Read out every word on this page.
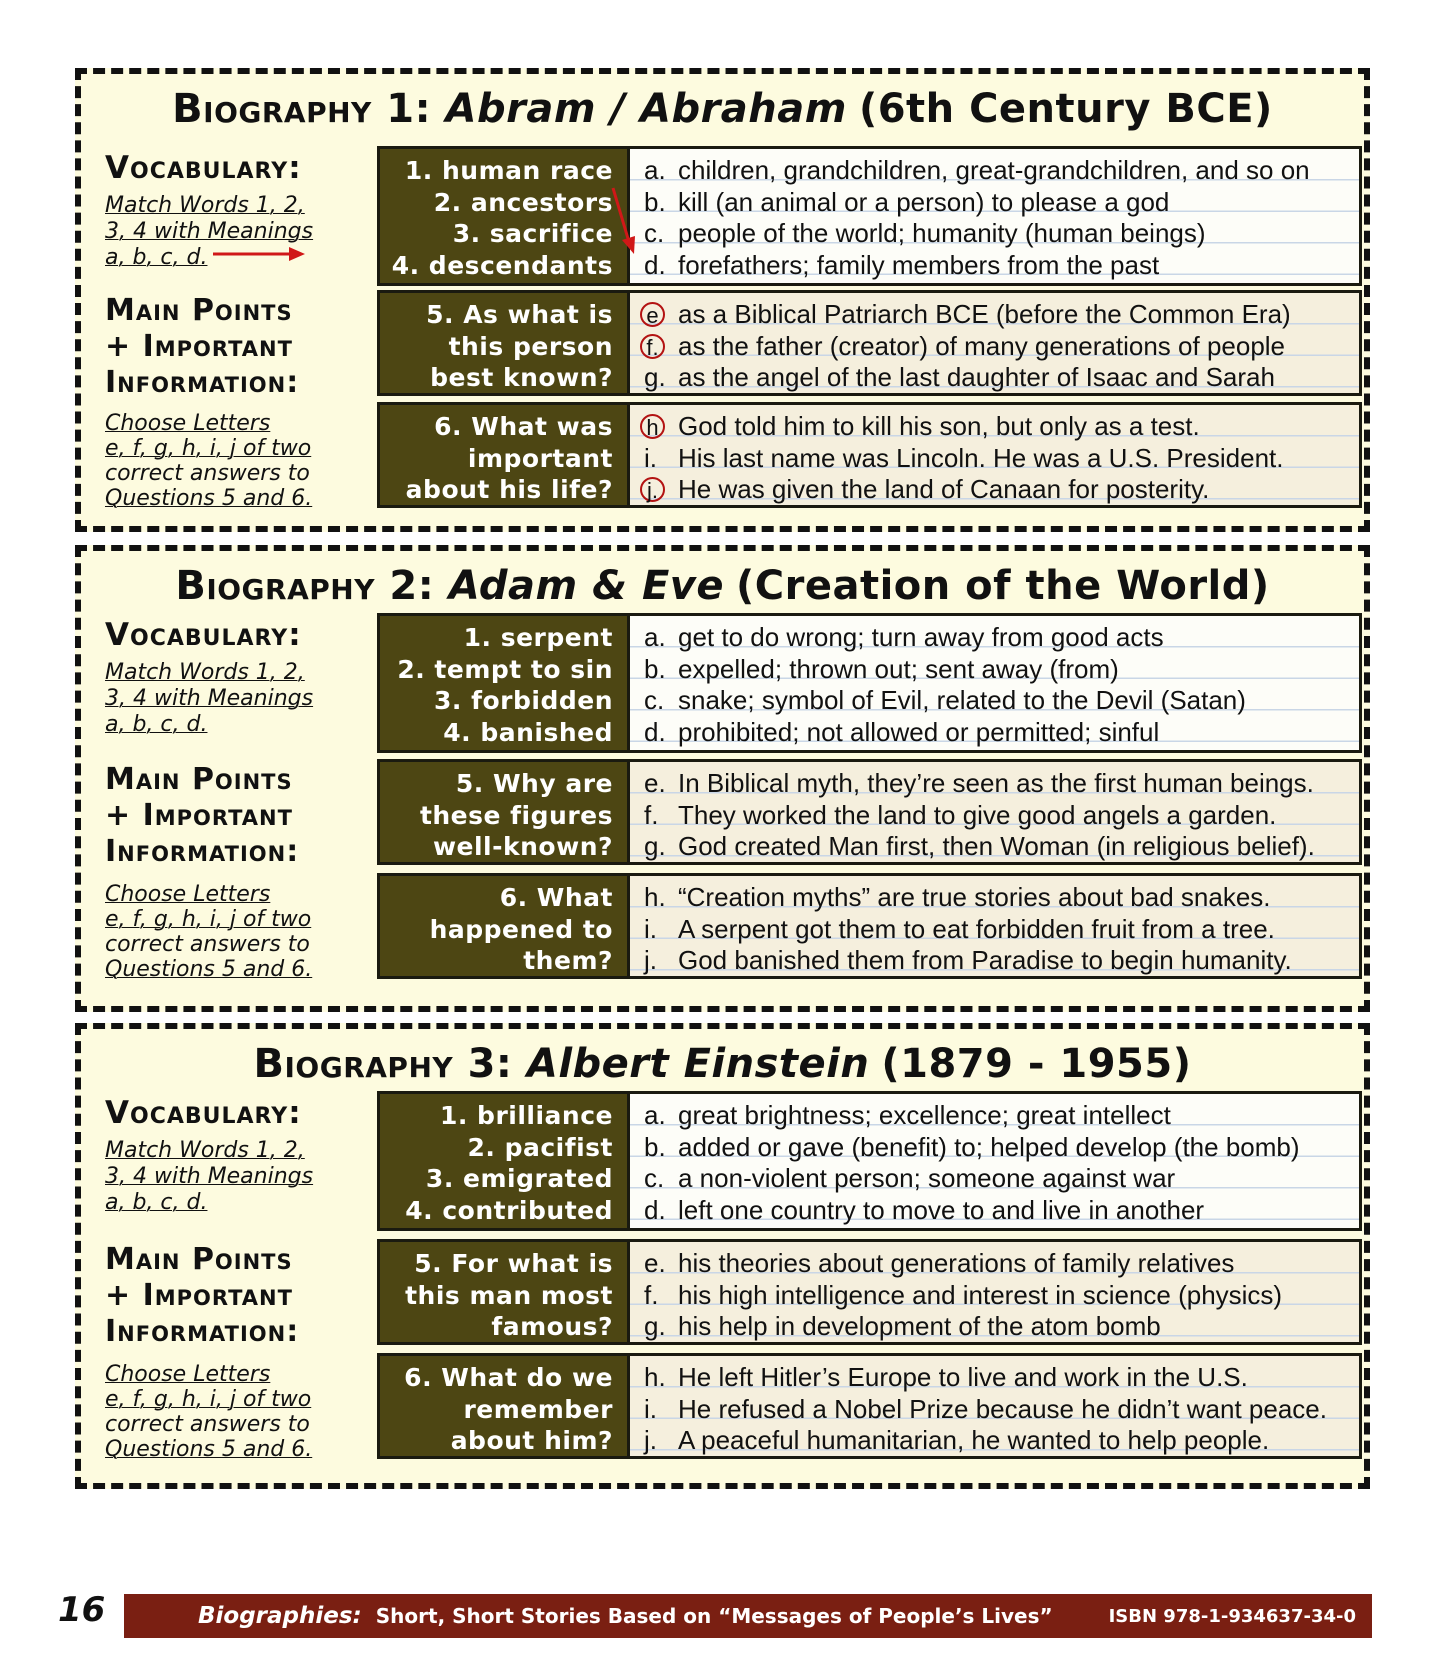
Biography 1: Abram / Abraham (6th Century BCE)
Vocabulary:
Match Words 1, 2,
3, 4 with Meanings
a, b, c, d.
Main Points
+ Important
Information:
Choose Letters
e, f, g, h, i, j of two
correct answers to
Questions 5 and 6.
1. human race
2. ancestors
3. sacrifice
4. descendants
a. children, grandchildren, great-grandchildren, and so on
b. kill (an animal or a person) to please a god
c. people of the world; humanity (human beings)
d. forefathers; family members from the past
5. As what is
this person
best known?
e as a Biblical Patriarch BCE (before the Common Era)
f. as the father (creator) of many generations of people
g. as the angel of the last daughter of Isaac and Sarah
6. What was
important
about his life?
h God told him to kill his son, but only as a test.
i. His last name was Lincoln. He was a U.S. President.
j. He was given the land of Canaan for posterity.
Biography 2: Adam & Eve (Creation of the World)
Vocabulary:
Match Words 1, 2,
3, 4 with Meanings
a, b, c, d.
Main Points
+ Important
Information:
Choose Letters
e, f, g, h, i, j of two
correct answers to
Questions 5 and 6.
1. serpent
2. tempt to sin
3. forbidden
4. banished
a. get to do wrong; turn away from good acts
b. expelled; thrown out; sent away (from)
c. snake; symbol of Evil, related to the Devil (Satan)
d. prohibited; not allowed or permitted; sinful
5. Why are
these figures
well-known?
e. In Biblical myth, they’re seen as the first human beings.
f. They worked the land to give good angels a garden.
g. God created Man first, then Woman (in religious belief).
6. What
happened to
them?
h. “Creation myths” are true stories about bad snakes.
i. A serpent got them to eat forbidden fruit from a tree.
j. God banished them from Paradise to begin humanity.
Biography 3: Albert Einstein (1879 - 1955)
Vocabulary:
Match Words 1, 2,
3, 4 with Meanings
a, b, c, d.
Main Points
+ Important
Information:
Choose Letters
e, f, g, h, i, j of two
correct answers to
Questions 5 and 6.
1. brilliance
2. pacifist
3. emigrated
4. contributed
a. great brightness; excellence; great intellect
b. added or gave (benefit) to; helped develop (the bomb)
c. a non-violent person; someone against war
d. left one country to move to and live in another
5. For what is
this man most
famous?
e. his theories about generations of family relatives
f. his high intelligence and interest in science (physics)
g. his help in development of the atom bomb
6. What do we
remember
about him?
h. He left Hitler’s Europe to live and work in the U.S.
i. He refused a Nobel Prize because he didn’t want peace.
j. A peaceful humanitarian, he wanted to help people.
16	Biographies: Short, Short Stories Based on “Messages of People’s Lives”	ISBN 978-1-934637-34-0
